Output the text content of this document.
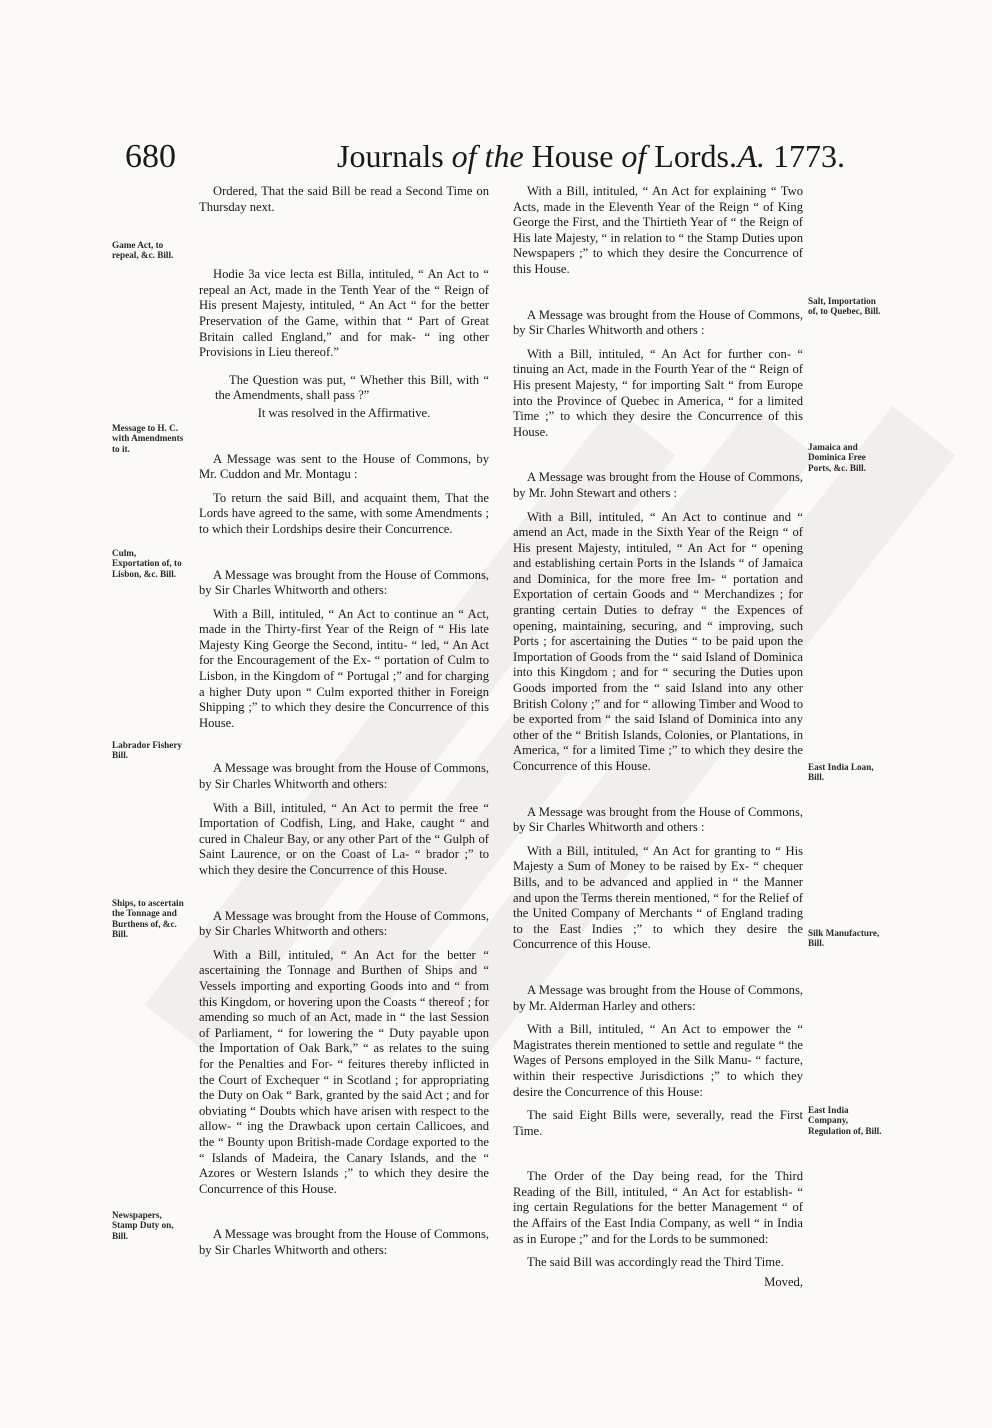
680	Journals of the House of Lords. A. 1773.

Ordered, That the said Bill be read a Second Time on Thursday next.

Hodie 3a vice lecta est Billa, intituled, “ An Act to “ repeal an Act, made in the Tenth Year of the “ Reign of His present Majesty, intituled, “ An Act “ for the better Preservation of the Game, within that “ Part of Great Britain called England,” and for mak- “ ing other Provisions in Lieu thereof.”

The Question was put, “ Whether this Bill, with “ the Amendments, shall pass ?”

It was resolved in the Affirmative.

A Message was sent to the House of Commons, by Mr. Cuddon and Mr. Montagu :

To return the said Bill, and acquaint them, That the Lords have agreed to the same, with some Amendments ; to which their Lordships desire their Concurrence.

A Message was brought from the House of Commons, by Sir Charles Whitworth and others:

With a Bill, intituled, “ An Act to continue an “ Act, made in the Thirty-first Year of the Reign of “ His late Majesty King George the Second, intitu- “ led, “ An Act for the Encouragement of the Ex- “ portation of Culm to Lisbon, in the Kingdom of “ Portugal ;” and for charging a higher Duty upon “ Culm exported thither in Foreign Shipping ;” to which they desire the Concurrence of this House.

A Message was brought from the House of Commons, by Sir Charles Whitworth and others:

With a Bill, intituled, “ An Act to permit the free “ Importation of Codfish, Ling, and Hake, caught “ and cured in Chaleur Bay, or any other Part of the “ Gulph of Saint Laurence, or on the Coast of La- “ brador ;” to which they desire the Concurrence of this House.

A Message was brought from the House of Commons, by Sir Charles Whitworth and others:

With a Bill, intituled, “ An Act for the better “ ascertaining the Tonnage and Burthen of Ships and “ Vessels importing and exporting Goods into and “ from this Kingdom, or hovering upon the Coasts “ thereof ; for amending so much of an Act, made in “ the last Session of Parliament, “ for lowering the “ Duty payable upon the Importation of Oak Bark,” “ as relates to the suing for the Penalties and For- “ feitures thereby inflicted in the Court of Exchequer “ in Scotland ; for appropriating the Duty on Oak “ Bark, granted by the said Act ; and for obviating “ Doubts which have arisen with respect to the allow- “ ing the Drawback upon certain Callicoes, and the “ Bounty upon British-made Cordage exported to the “ Islands of Madeira, the Canary Islands, and the “ Azores or Western Islands ;” to which they desire the Concurrence of this House.

A Message was brought from the House of Commons, by Sir Charles Whitworth and others:

With a Bill, intituled, “ An Act for explaining “ Two Acts, made in the Eleventh Year of the Reign “ of King George the First, and the Thirtieth Year of “ the Reign of His late Majesty, “ in relation to “ the Stamp Duties upon Newspapers ;” to which they desire the Concurrence of this House.

A Message was brought from the House of Commons, by Sir Charles Whitworth and others :

With a Bill, intituled, “ An Act for further con- “ tinuing an Act, made in the Fourth Year of the “ Reign of His present Majesty, “ for importing Salt “ from Europe into the Province of Quebec in America, “ for a limited Time ;” to which they desire the Concurrence of this House.

A Message was brought from the House of Commons, by Mr. John Stewart and others :

With a Bill, intituled, “ An Act to continue and “ amend an Act, made in the Sixth Year of the Reign “ of His present Majesty, intituled, “ An Act for “ opening and establishing certain Ports in the Islands “ of Jamaica and Dominica, for the more free Im- “ portation and Exportation of certain Goods and “ Merchandizes ; for granting certain Duties to defray “ the Expences of opening, maintaining, securing, and “ improving, such Ports ; for ascertaining the Duties “ to be paid upon the Importation of Goods from the “ said Island of Dominica into this Kingdom ; and for “ securing the Duties upon Goods imported from the “ said Island into any other British Colony ;” and for “ allowing Timber and Wood to be exported from “ the said Island of Dominica into any other of the “ British Islands, Colonies, or Plantations, in America, “ for a limited Time ;” to which they desire the Concurrence of this House.

A Message was brought from the House of Commons, by Sir Charles Whitworth and others :

With a Bill, intituled, “ An Act for granting to “ His Majesty a Sum of Money to be raised by Ex- “ chequer Bills, and to be advanced and applied in “ the Manner and upon the Terms therein mentioned, “ for the Relief of the United Company of Merchants “ of England trading to the East Indies ;” to which they desire the Concurrence of this House.

A Message was brought from the House of Commons, by Mr. Alderman Harley and others:

With a Bill, intituled, “ An Act to empower the “ Magistrates therein mentioned to settle and regulate “ the Wages of Persons employed in the Silk Manu- “ facture, within their respective Jurisdictions ;” to which they desire the Concurrence of this House:

The said Eight Bills were, severally, read the First Time.

The Order of the Day being read, for the Third Reading of the Bill, intituled, “ An Act for establish- “ ing certain Regulations for the better Management “ of the Affairs of the East India Company, as well “ in India as in Europe ;” and for the Lords to be summoned:

The said Bill was accordingly read the Third Time.

Moved,

Game Act, to repeal, &c. Bill.
Message to H. C. with Amendments to it.
Culm, Exportation of, to Lisbon, &c. Bill.
Labrador Fishery Bill.
Ships, to ascertain the Tonnage and Burthens of, &c. Bill.
Newspapers, Stamp Duty on, Bill.
Salt, Importation of, to Quebec, Bill.
Jamaica and Dominica Free Ports, &c. Bill.
East India Loan, Bill.
Silk Manufacture, Bill.
East India Company, Regulation of, Bill.
